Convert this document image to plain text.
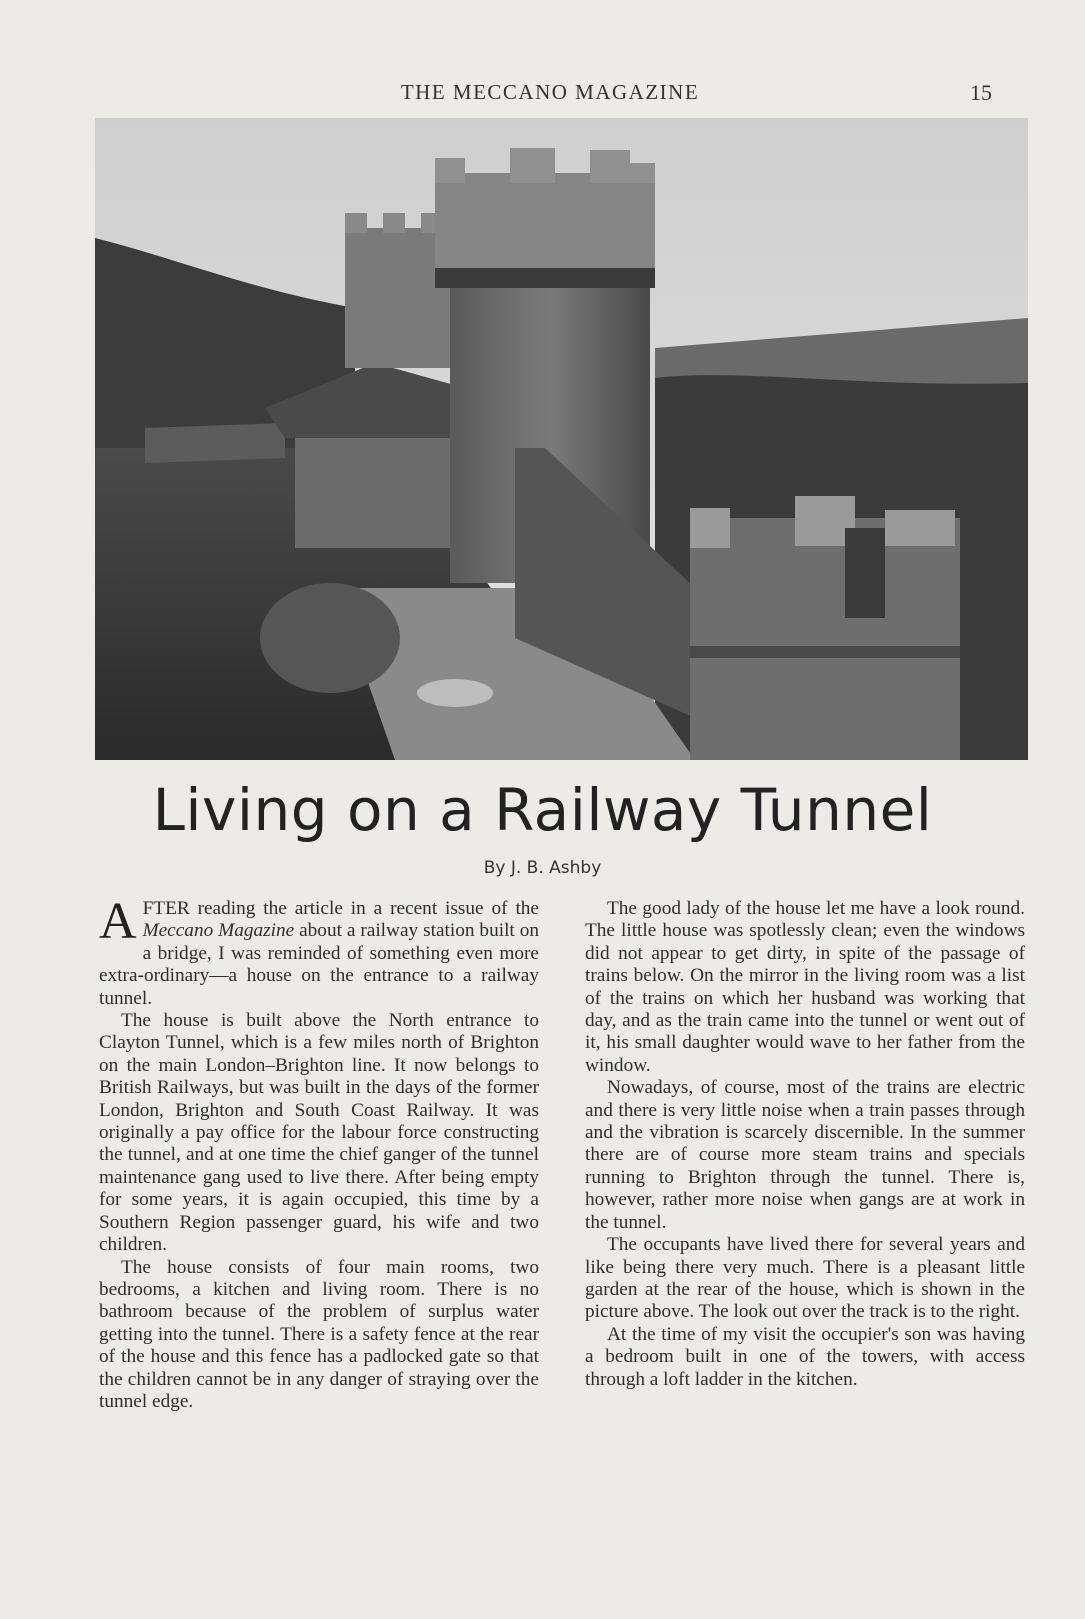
THE MECCANO MAGAZINE	15
Living on a Railway Tunnel
By J. B. Ashby

AFTER reading the article in a recent issue of the Meccano Magazine about a railway station built on a bridge, I was reminded of something even more extra-ordinary—a house on the entrance to a railway tunnel.

The house is built above the North entrance to Clayton Tunnel, which is a few miles north of Brighton on the main London–Brighton line. It now belongs to British Railways, but was built in the days of the former London, Brighton and South Coast Railway. It was originally a pay office for the labour force constructing the tunnel, and at one time the chief ganger of the tunnel maintenance gang used to live there. After being empty for some years, it is again occupied, this time by a Southern Region passenger guard, his wife and two children.

The house consists of four main rooms, two bedrooms, a kitchen and living room. There is no bathroom because of the problem of surplus water getting into the tunnel. There is a safety fence at the rear of the house and this fence has a padlocked gate so that the children cannot be in any danger of straying over the tunnel edge.

The good lady of the house let me have a look round. The little house was spotlessly clean; even the windows did not appear to get dirty, in spite of the passage of trains below. On the mirror in the living room was a list of the trains on which her husband was working that day, and as the train came into the tunnel or went out of it, his small daughter would wave to her father from the window.

Nowadays, of course, most of the trains are electric and there is very little noise when a train passes through and the vibration is scarcely discernible. In the summer there are of course more steam trains and specials running to Brighton through the tunnel. There is, however, rather more noise when gangs are at work in the tunnel.

The occupants have lived there for several years and like being there very much. There is a pleasant little garden at the rear of the house, which is shown in the picture above. The look out over the track is to the right.

At the time of my visit the occupier's son was having a bedroom built in one of the towers, with access through a loft ladder in the kitchen.
